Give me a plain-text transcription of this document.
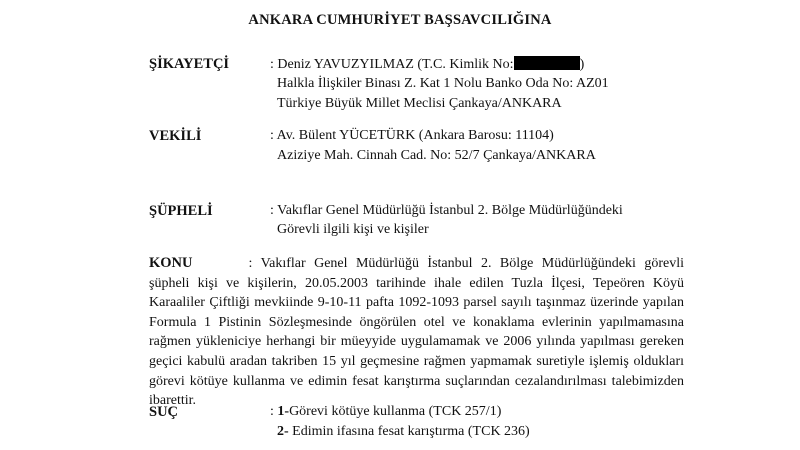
ANKARA CUMHURİYET BAŞSAVCILIĞINA
ŞİKAYETÇİ	: Deniz YAVUZYILMAZ (T.C. Kimlik No:	)
Halkla İlişkiler Binası Z. Kat 1 Nolu Banko Oda No: AZ01
Türkiye Büyük Millet Meclisi Çankaya/ANKARA
VEKİLİ	: Av. Bülent YÜCETÜRK (Ankara Barosu: 11104)
Aziziye Mah. Cinnah Cad. No: 52/7 Çankaya/ANKARA
ŞÜPHELİ	: Vakıflar Genel Müdürlüğü İstanbul 2. Bölge Müdürlüğündeki
Görevli ilgili kişi ve kişiler
KONU	: Vakıflar Genel Müdürlüğü İstanbul 2. Bölge Müdürlüğündeki görevli şüpheli kişi ve kişilerin, 20.05.2003 tarihinde ihale edilen Tuzla İlçesi, Tepeören Köyü Karaaliler Çiftliği mevkiinde 9-10-11 pafta 1092-1093 parsel sayılı taşınmaz üzerinde yapılan Formula 1 Pistinin Sözleşmesinde öngörülen otel ve konaklama evlerinin yapılmamasına rağmen yükleniciye herhangi bir müeyyide uygulamamak ve 2006 yılında yapılması gereken geçici kabulü aradan takriben 15 yıl geçmesine rağmen yapmamak suretiyle işlemiş oldukları görevi kötüye kullanma ve edimin fesat karıştırma suçlarından cezalandırılması talebimizden ibarettir.
SUÇ	: 1-Görevi kötüye kullanma (TCK 257/1)
2- Edimin ifasına fesat karıştırma (TCK 236)
